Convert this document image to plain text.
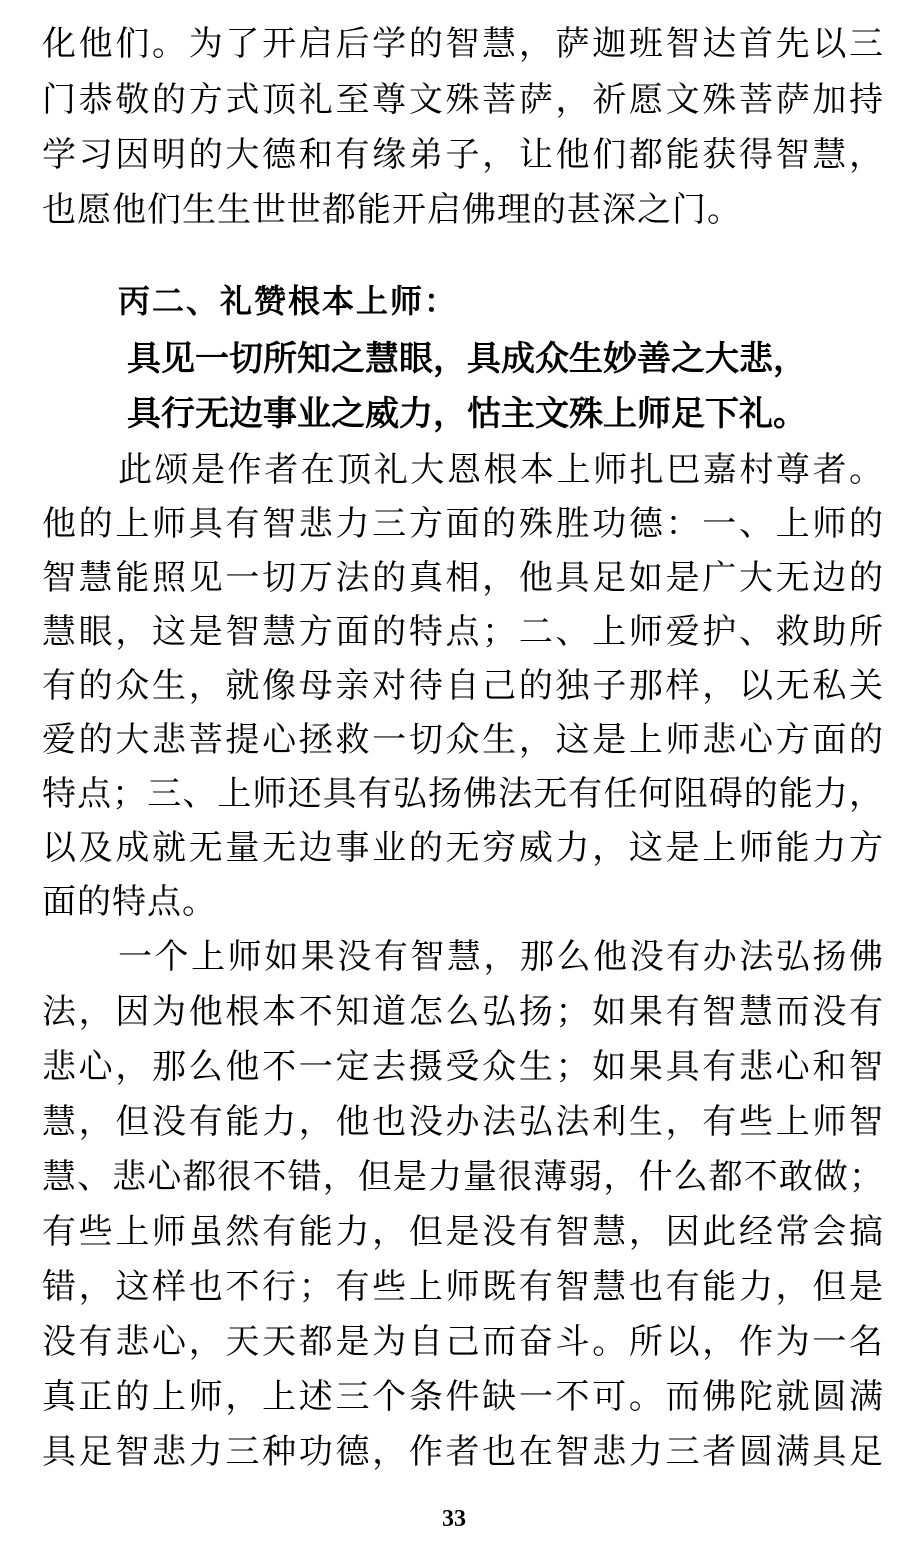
化他们。为了开启后学的智慧，萨迦班智达首先以三
门恭敬的方式顶礼至尊文殊菩萨，祈愿文殊菩萨加持
学习因明的大德和有缘弟子，让他们都能获得智慧，
也愿他们生生世世都能开启佛理的甚深之门。
丙二、礼赞根本上师：
具见一切所知之慧眼，具成众生妙善之大悲，
具行无边事业之威力，怙主文殊上师足下礼。
此颂是作者在顶礼大恩根本上师扎巴嘉村尊者。
他的上师具有智悲力三方面的殊胜功德：一、上师的
智慧能照见一切万法的真相，他具足如是广大无边的
慧眼，这是智慧方面的特点；二、上师爱护、救助所
有的众生，就像母亲对待自己的独子那样，以无私关
爱的大悲菩提心拯救一切众生，这是上师悲心方面的
特点；三、上师还具有弘扬佛法无有任何阻碍的能力，
以及成就无量无边事业的无穷威力，这是上师能力方
面的特点。
一个上师如果没有智慧，那么他没有办法弘扬佛
法，因为他根本不知道怎么弘扬；如果有智慧而没有
悲心，那么他不一定去摄受众生；如果具有悲心和智
慧，但没有能力，他也没办法弘法利生，有些上师智
慧、悲心都很不错，但是力量很薄弱，什么都不敢做；
有些上师虽然有能力，但是没有智慧，因此经常会搞
错，这样也不行；有些上师既有智慧也有能力，但是
没有悲心，天天都是为自己而奋斗。所以，作为一名
真正的上师，上述三个条件缺一不可。而佛陀就圆满
具足智悲力三种功德，作者也在智悲力三者圆满具足
33
